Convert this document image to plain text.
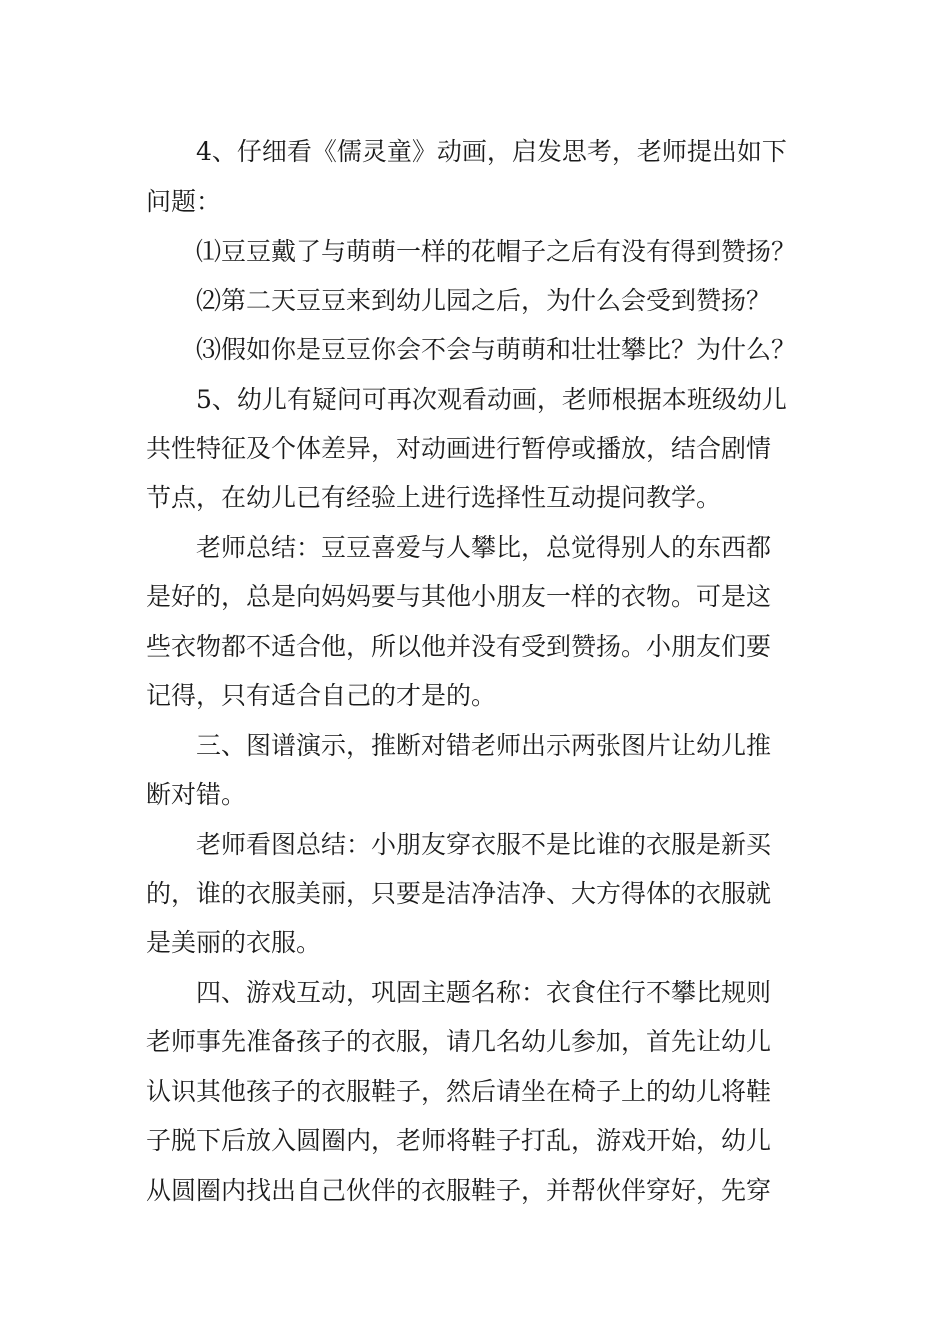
4、仔细看《儒灵童》动画，启发思考，老师提出如下
问题：
⑴豆豆戴了与萌萌一样的花帽子之后有没有得到赞扬？
⑵第二天豆豆来到幼儿园之后，为什么会受到赞扬？
⑶假如你是豆豆你会不会与萌萌和壮壮攀比？为什么？
5、幼儿有疑问可再次观看动画，老师根据本班级幼儿
共性特征及个体差异，对动画进行暂停或播放，结合剧情
节点，在幼儿已有经验上进行选择性互动提问教学。
老师总结：豆豆喜爱与人攀比，总觉得别人的东西都
是好的，总是向妈妈要与其他小朋友一样的衣物。可是这
些衣物都不适合他，所以他并没有受到赞扬。小朋友们要
记得，只有适合自己的才是的。
三、图谱演示，推断对错老师出示两张图片让幼儿推
断对错。
老师看图总结：小朋友穿衣服不是比谁的衣服是新买
的，谁的衣服美丽，只要是洁净洁净、大方得体的衣服就
是美丽的衣服。
四、游戏互动，巩固主题名称：衣食住行不攀比规则
老师事先准备孩子的衣服，请几名幼儿参加，首先让幼儿
认识其他孩子的衣服鞋子，然后请坐在椅子上的幼儿将鞋
子脱下后放入圆圈内，老师将鞋子打乱，游戏开始，幼儿
从圆圈内找出自己伙伴的衣服鞋子，并帮伙伴穿好，先穿
